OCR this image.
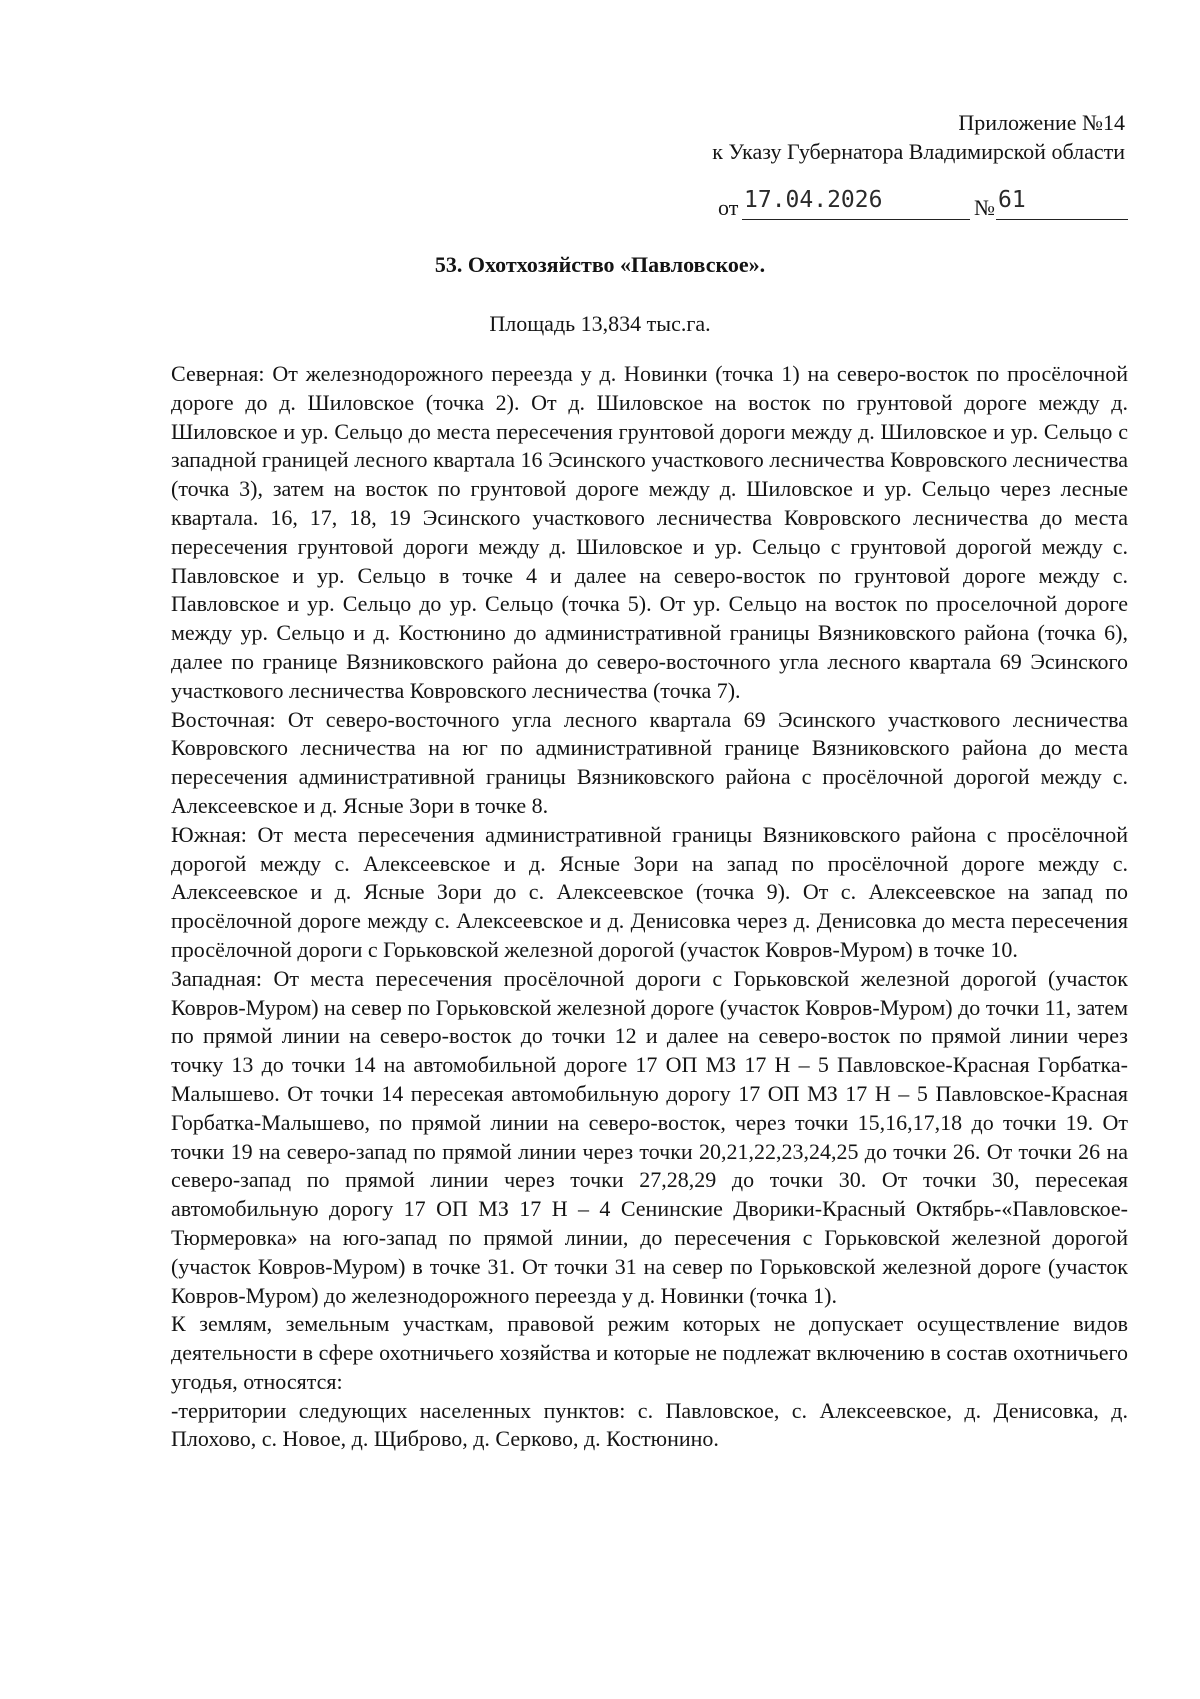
Приложение №14
к Указу Губернатора Владимирской области
от 17.04.2026	№ 61
53. Охотхозяйство «Павловское».
Площадь 13,834 тыс.га.

Северная: От железнодорожного переезда у д. Новинки (точка 1) на северо-восток по просёлочной дороге до д. Шиловское (точка 2). От д. Шиловское на восток по грунтовой дороге между д. Шиловское и ур. Сельцо до места пересечения грунтовой дороги между д. Шиловское и ур. Сельцо с западной границей лесного квартала 16 Эсинского участкового лесничества Ковровского лесничества (точка 3), затем на восток по грунтовой дороге между д. Шиловское и ур. Сельцо через лесные квартала. 16, 17, 18, 19 Эсинского участкового лесничества Ковровского лесничества до места пересечения грунтовой дороги между д. Шиловское и ур. Сельцо с грунтовой дорогой между с. Павловское и ур. Сельцо в точке 4 и далее на северо-восток по грунтовой дороге между с. Павловское и ур. Сельцо до ур. Сельцо (точка 5). От ур. Сельцо на восток по проселочной дороге между ур. Сельцо и д. Костюнино до административной границы Вязниковского района (точка 6), далее по границе Вязниковского района до северо-восточного угла лесного квартала 69 Эсинского участкового лесничества Ковровского лесничества (точка 7).

Восточная: От северо-восточного угла лесного квартала 69 Эсинского участкового лесничества Ковровского лесничества на юг по административной границе Вязниковского района до места пересечения административной границы Вязниковского района с просёлочной дорогой между с. Алексеевское и д. Ясные Зори в точке 8.

Южная: От места пересечения административной границы Вязниковского района с просёлочной дорогой между с. Алексеевское и д. Ясные Зори на запад по просёлочной дороге между с. Алексеевское и д. Ясные Зори до с. Алексеевское (точка 9). От с. Алексеевское на запад по просёлочной дороге между с. Алексеевское и д. Денисовка через д. Денисовка до места пересечения просёлочной дороги с Горьковской железной дорогой (участок Ковров-Муром) в точке 10.

Западная: От места пересечения просёлочной дороги с Горьковской железной дорогой (участок Ковров-Муром) на север по Горьковской железной дороге (участок Ковров-Муром) до точки 11, затем по прямой линии на северо-восток до точки 12 и далее на северо-восток по прямой линии через точку 13 до точки 14 на автомобильной дороге 17 ОП МЗ 17 Н – 5 Павловское-Красная Горбатка-Малышево. От точки 14 пересекая автомобильную дорогу 17 ОП МЗ 17 Н – 5 Павловское-Красная Горбатка-Малышево, по прямой линии на северо-восток, через точки 15,16,17,18 до точки 19. От точки 19 на северо-запад по прямой линии через точки 20,21,22,23,24,25 до точки 26. От точки 26 на северо-запад по прямой линии через точки 27,28,29 до точки 30. От точки 30, пересекая автомобильную дорогу 17 ОП МЗ 17 Н – 4 Сенинские Дворики-Красный Октябрь-«Павловское-Тюрмеровка» на юго-запад по прямой линии, до пересечения с Горьковской железной дорогой (участок Ковров-Муром) в точке 31. От точки 31 на север по Горьковской железной дороге (участок Ковров-Муром) до железнодорожного переезда у д. Новинки (точка 1).

К землям, земельным участкам, правовой режим которых не допускает осуществление видов деятельности в сфере охотничьего хозяйства и которые не подлежат включению в состав охотничьего угодья, относятся:

-территории следующих населенных пунктов: с. Павловское, с. Алексеевское, д. Денисовка, д. Плохово, с. Новое, д. Щиброво, д. Серково, д. Костюнино.
